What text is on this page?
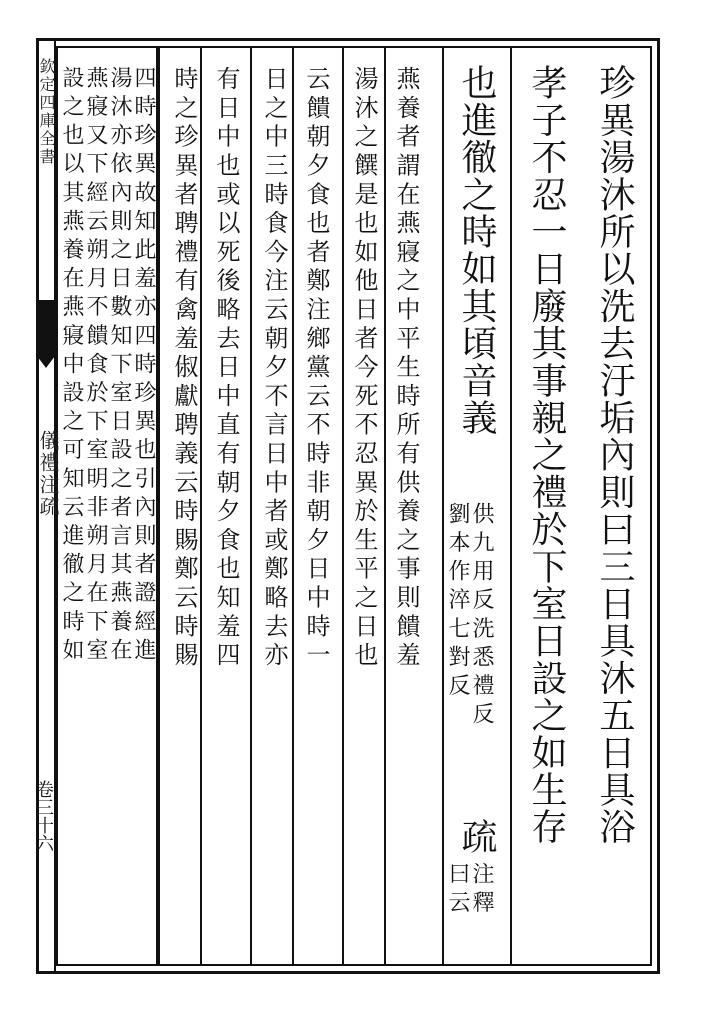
欽定四庫全書
儀禮注疏
卷三十六	珍異湯沐所以洗去汙垢內則曰三日具沐五日具浴
孝子不忍一日廢其事親之禮於下室日設之如生存
也進徹之時如其頃音義
供九用反洗悉禮反
劉本作淬七對反
疏
注釋
曰云
燕養者謂在燕寢之中平生時所有供養之事則饋羞
湯沐之饌是也如他日者今死不忍異於生平之日也
云饋朝夕食也者鄭注鄉黨云不時非朝夕日中時一
日之中三時食今注云朝夕不言日中者或鄭略去亦
有日中也或以死後略去日中直有朝夕食也知羞四
時之珍異者聘禮有禽羞俶獻聘義云時賜鄭云時賜
四時珍異故知此羞亦四時珍異也引內則者證經進
湯沐亦依內則之日數知下室日設之者言其燕養在
燕寢又下經云朔月不饋食於下室明非朔月在下室
設之也以其燕養在燕寢中設之可知云進徹之時如
